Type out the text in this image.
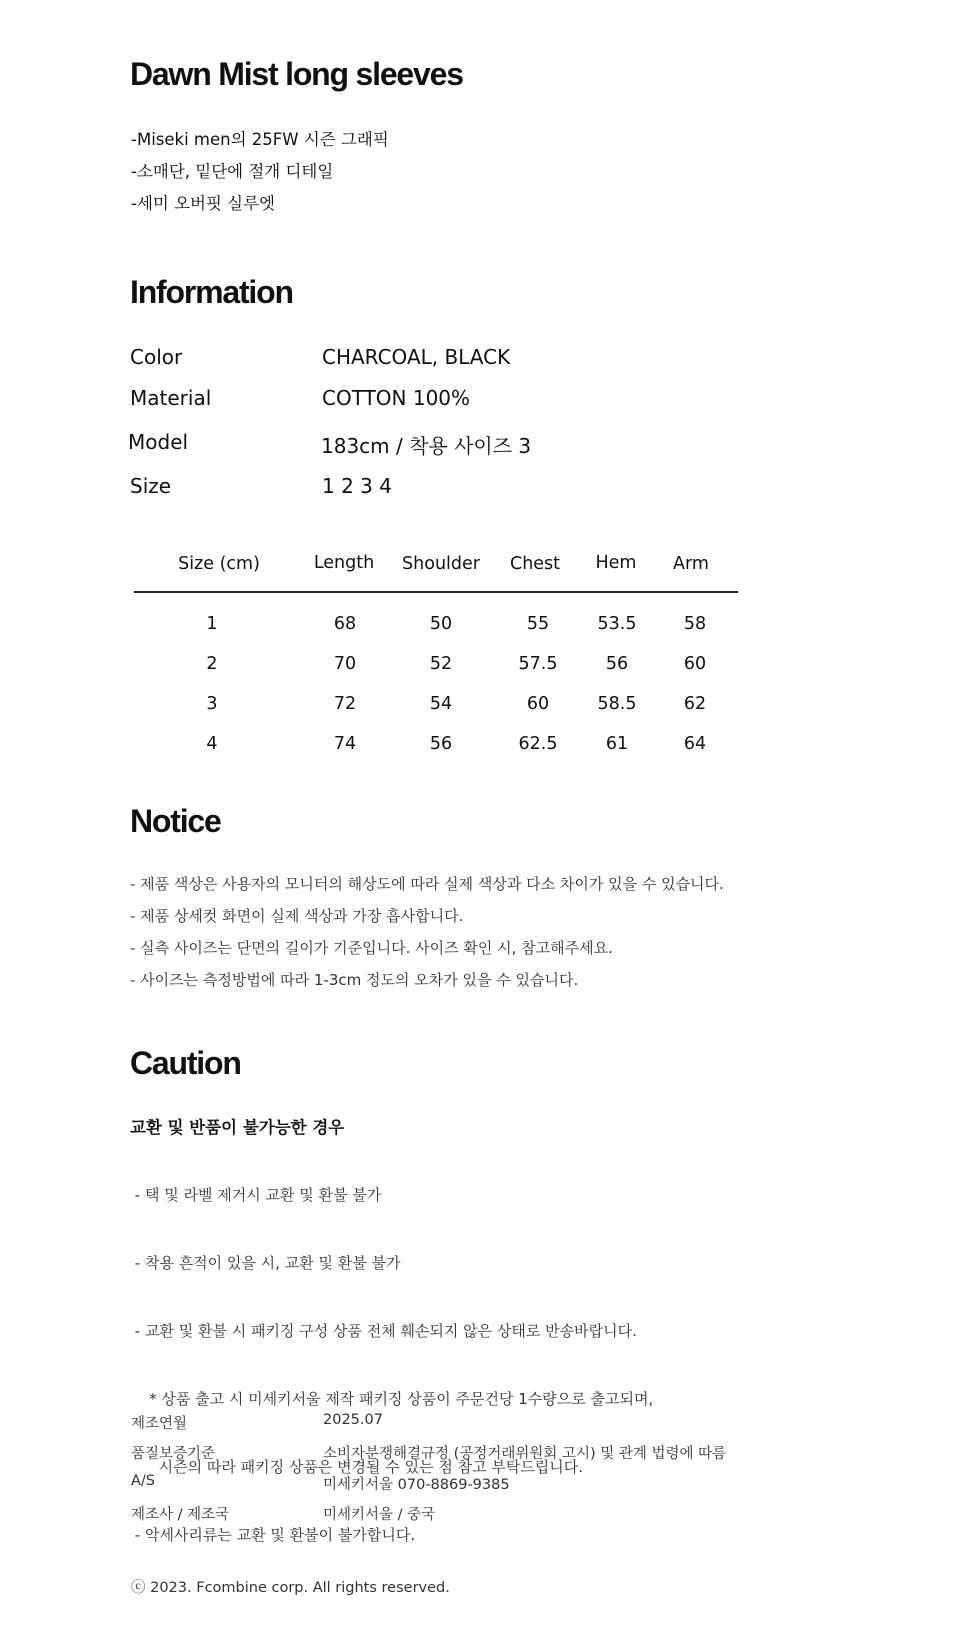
Dawn Mist long sleeves
-Miseki men의 25FW 시즌 그래픽
-소매단, 밑단에 절개 디테일
-세미 오버핏 실루엣
Information
Color	CHARCOAL, BLACK
Material	COTTON 100%
Model	183cm / 착용 사이즈 3
Size	1 2 3 4
Size (cm)	Length	Shoulder	Chest	Hem	Arm
1	68	50	55	53.5	58
2	70	52	57.5	56	60
3	72	54	60	58.5	62
4	74	56	62.5	61	64
Notice
- 제품 색상은 사용자의 모니터의 해상도에 따라 실제 색상과 다소 차이가 있을 수 있습니다.
- 제품 상세컷 화면이 실제 색상과 가장 흡사합니다.
- 실측 사이즈는 단면의 길이가 기준입니다. 사이즈 확인 시, 참고해주세요.
- 사이즈는 측정방법에 따라 1-3cm 정도의 오차가 있을 수 있습니다.
Caution
교환 및 반품이 불가능한 경우

- 택 및 라벨 제거시 교환 및 환불 불가

- 착용 흔적이 있을 시, 교환 및 환불 불가

- 교환 및 환불 시 패키징 구성 상품 전체 훼손되지 않은 상태로 반송바랍니다.

* 상품 출고 시 미세키서울 제작 패키징 상품이 주문건당 1수량으로 출고되며,

시즌의 따라 패키징 상품은 변경될 수 있는 점 참고 부탁드립니다.

- 악세사리류는 교환 및 환불이 불가합니다.

제조연월	2025.07
품질보증기준	소비자분쟁해결규정 (공정거래위원회 고시) 및 관계 법령에 따름
A/S	미세키서울 070-8869-9385
제조사 / 제조국	미세키서울 / 중국
ⓒ 2023. Fcombine corp. All rights reserved.
